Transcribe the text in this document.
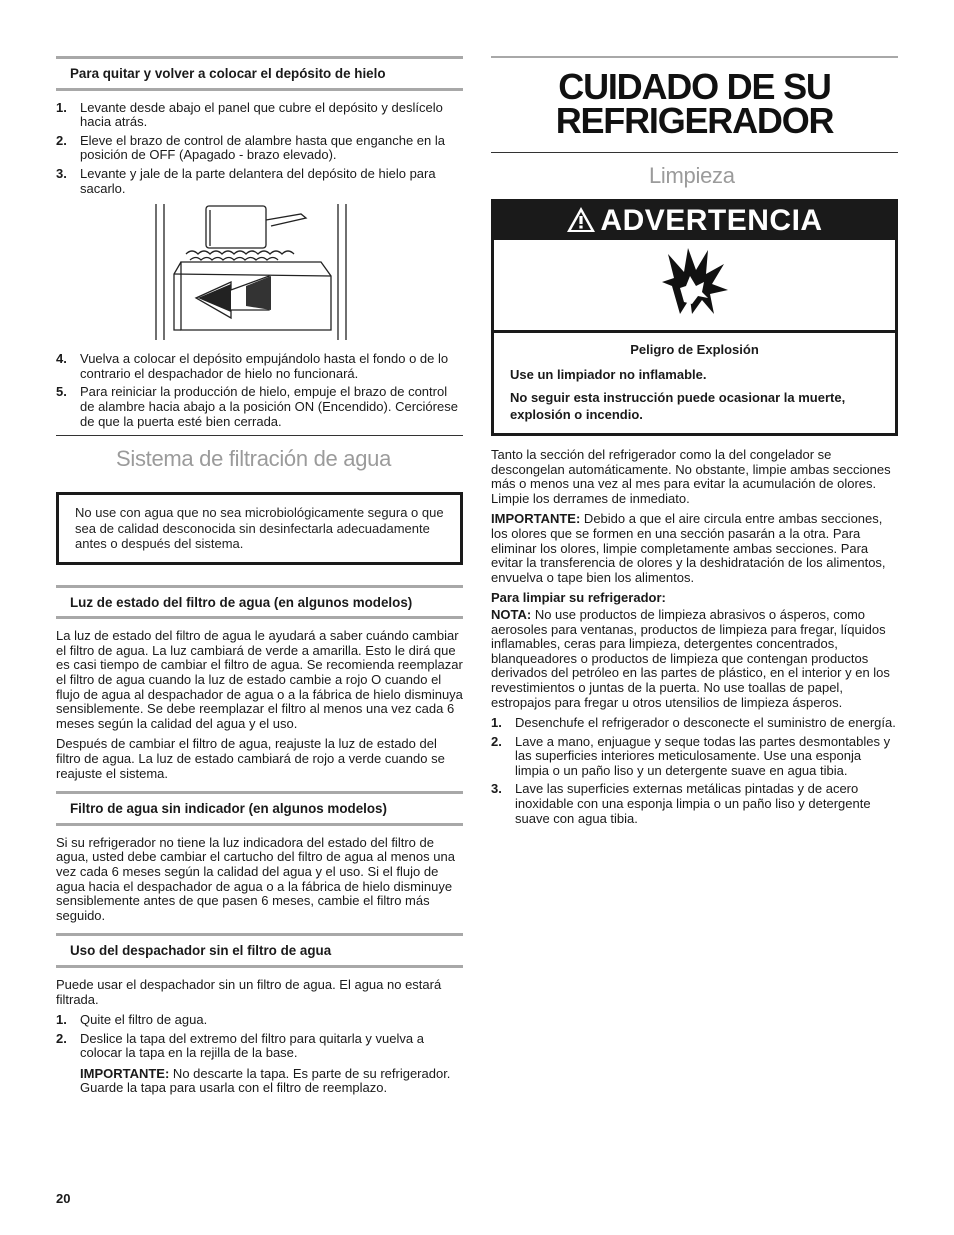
Para quitar y volver a colocar el depósito de hielo
1. Levante desde abajo el panel que cubre el depósito y deslícelo hacia atrás.
2. Eleve el brazo de control de alambre hasta que enganche en la posición de OFF (Apagado - brazo elevado).
3. Levante y jale de la parte delantera del depósito de hielo para sacarlo.
4. Vuelva a colocar el depósito empujándolo hasta el fondo o de lo contrario el despachador de hielo no funcionará.
5. Para reiniciar la producción de hielo, empuje el brazo de control de alambre hacia abajo a la posición ON (Encendido). Cerciórese de que la puerta esté bien cerrada.
Sistema de filtración de agua
No use con agua que no sea microbiológicamente segura o que sea de calidad desconocida sin desinfectarla adecuadamente antes o después del sistema.
Luz de estado del filtro de agua (en algunos modelos)

La luz de estado del filtro de agua le ayudará a saber cuándo cambiar el filtro de agua. La luz cambiará de verde a amarilla. Esto le dirá que es casi tiempo de cambiar el filtro de agua. Se recomienda reemplazar el filtro de agua cuando la luz de estado cambie a rojo O cuando el flujo de agua al despachador de agua o a la fábrica de hielo disminuya sensiblemente. Se debe reemplazar el filtro al menos una vez cada 6 meses según la calidad del agua y el uso.

Después de cambiar el filtro de agua, reajuste la luz de estado del filtro de agua. La luz de estado cambiará de rojo a verde cuando se reajuste el sistema.

Filtro de agua sin indicador (en algunos modelos)

Si su refrigerador no tiene la luz indicadora del estado del filtro de agua, usted debe cambiar el cartucho del filtro de agua al menos una vez cada 6 meses según la calidad del agua y el uso. Si el flujo de agua hacia el despachador de agua o a la fábrica de hielo disminuye sensiblemente antes de que pasen 6 meses, cambie el filtro más seguido.

Uso del despachador sin el filtro de agua

Puede usar el despachador sin un filtro de agua. El agua no estará filtrada.

1. Quite el filtro de agua.
2. Deslice la tapa del extremo del filtro para quitarla y vuelva a colocar la tapa en la rejilla de la base.

IMPORTANTE: No descarte la tapa. Es parte de su refrigerador. Guarde la tapa para usarla con el filtro de reemplazo.

CUIDADO DE SU
REFRIGERADOR
Limpieza
ADVERTENCIA
Peligro de Explosión

Use un limpiador no inflamable.

No seguir esta instrucción puede ocasionar la muerte, explosión o incendio.

Tanto la sección del refrigerador como la del congelador se descongelan automáticamente. No obstante, limpie ambas secciones más o menos una vez al mes para evitar la acumulación de olores. Limpie los derrames de inmediato.

IMPORTANTE: Debido a que el aire circula entre ambas secciones, los olores que se formen en una sección pasarán a la otra. Para eliminar los olores, limpie completamente ambas secciones. Para evitar la transferencia de olores y la deshidratación de los alimentos, envuelva o tape bien los alimentos.

Para limpiar su refrigerador:

NOTA: No use productos de limpieza abrasivos o ásperos, como aerosoles para ventanas, productos de limpieza para fregar, líquidos inflamables, ceras para limpieza, detergentes concentrados, blanqueadores o productos de limpieza que contengan productos derivados del petróleo en las partes de plástico, en el interior y en los revestimientos o juntas de la puerta. No use toallas de papel, estropajos para fregar u otros utensilios de limpieza ásperos.

1. Desenchufe el refrigerador o desconecte el suministro de energía.
2. Lave a mano, enjuague y seque todas las partes desmontables y las superficies interiores meticulosamente. Use una esponja limpia o un paño liso y un detergente suave en agua tibia.
3. Lave las superficies externas metálicas pintadas y de acero inoxidable con una esponja limpia o un paño liso y detergente suave con agua tibia.
20
